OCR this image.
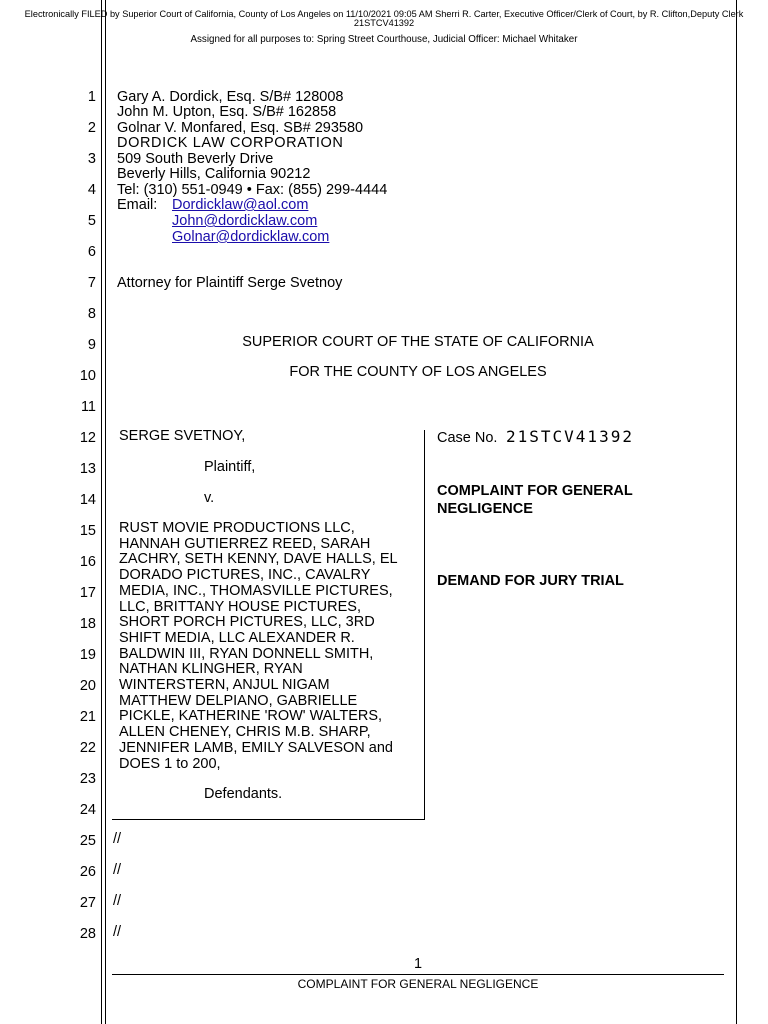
Electronically FILED by Superior Court of California, County of Los Angeles on 11/10/2021 09:05 AM Sherri R. Carter, Executive Officer/Clerk of Court, by R. Clifton,Deputy Clerk
21STCV41392
Assigned for all purposes to: Spring Street Courthouse, Judicial Officer: Michael Whitaker
1
2
3
4
5
6
7
8
9
10
11
12
13
14
15
16
17
18
19
20
21
22
23
24
25
26
27
28
Gary A. Dordick, Esq. S/B# 128008
John M. Upton, Esq. S/B# 162858
Golnar V. Monfared, Esq. SB# 293580
DORDICK LAW CORPORATION
509 South Beverly Drive
Beverly Hills, California 90212
Tel: (310) 551-0949 • Fax: (855) 299-4444
Email: Dordicklaw@aol.com
John@dordicklaw.com
Golnar@dordicklaw.com
Attorney for Plaintiff Serge Svetnoy
SUPERIOR COURT OF THE STATE OF CALIFORNIA
FOR THE COUNTY OF LOS ANGELES
SERGE SVETNOY,
Plaintiff,
v.
RUST MOVIE PRODUCTIONS LLC,
HANNAH GUTIERREZ REED, SARAH
ZACHRY, SETH KENNY, DAVE HALLS, EL
DORADO PICTURES, INC., CAVALRY
MEDIA, INC., THOMASVILLE PICTURES,
LLC, BRITTANY HOUSE PICTURES,
SHORT PORCH PICTURES, LLC, 3RD
SHIFT MEDIA, LLC ALEXANDER R.
BALDWIN III, RYAN DONNELL SMITH,
NATHAN KLINGHER, RYAN
WINTERSTERN, ANJUL NIGAM
MATTHEW DELPIANO, GABRIELLE
PICKLE, KATHERINE 'ROW' WALTERS,
ALLEN CHENEY, CHRIS M.B. SHARP,
JENNIFER LAMB, EMILY SALVESON and
DOES 1 to 200,
Defendants.
Case No. 21STCV41392
COMPLAINT FOR GENERAL
NEGLIGENCE
DEMAND FOR JURY TRIAL
//
//
//
//
1
COMPLAINT FOR GENERAL NEGLIGENCE
